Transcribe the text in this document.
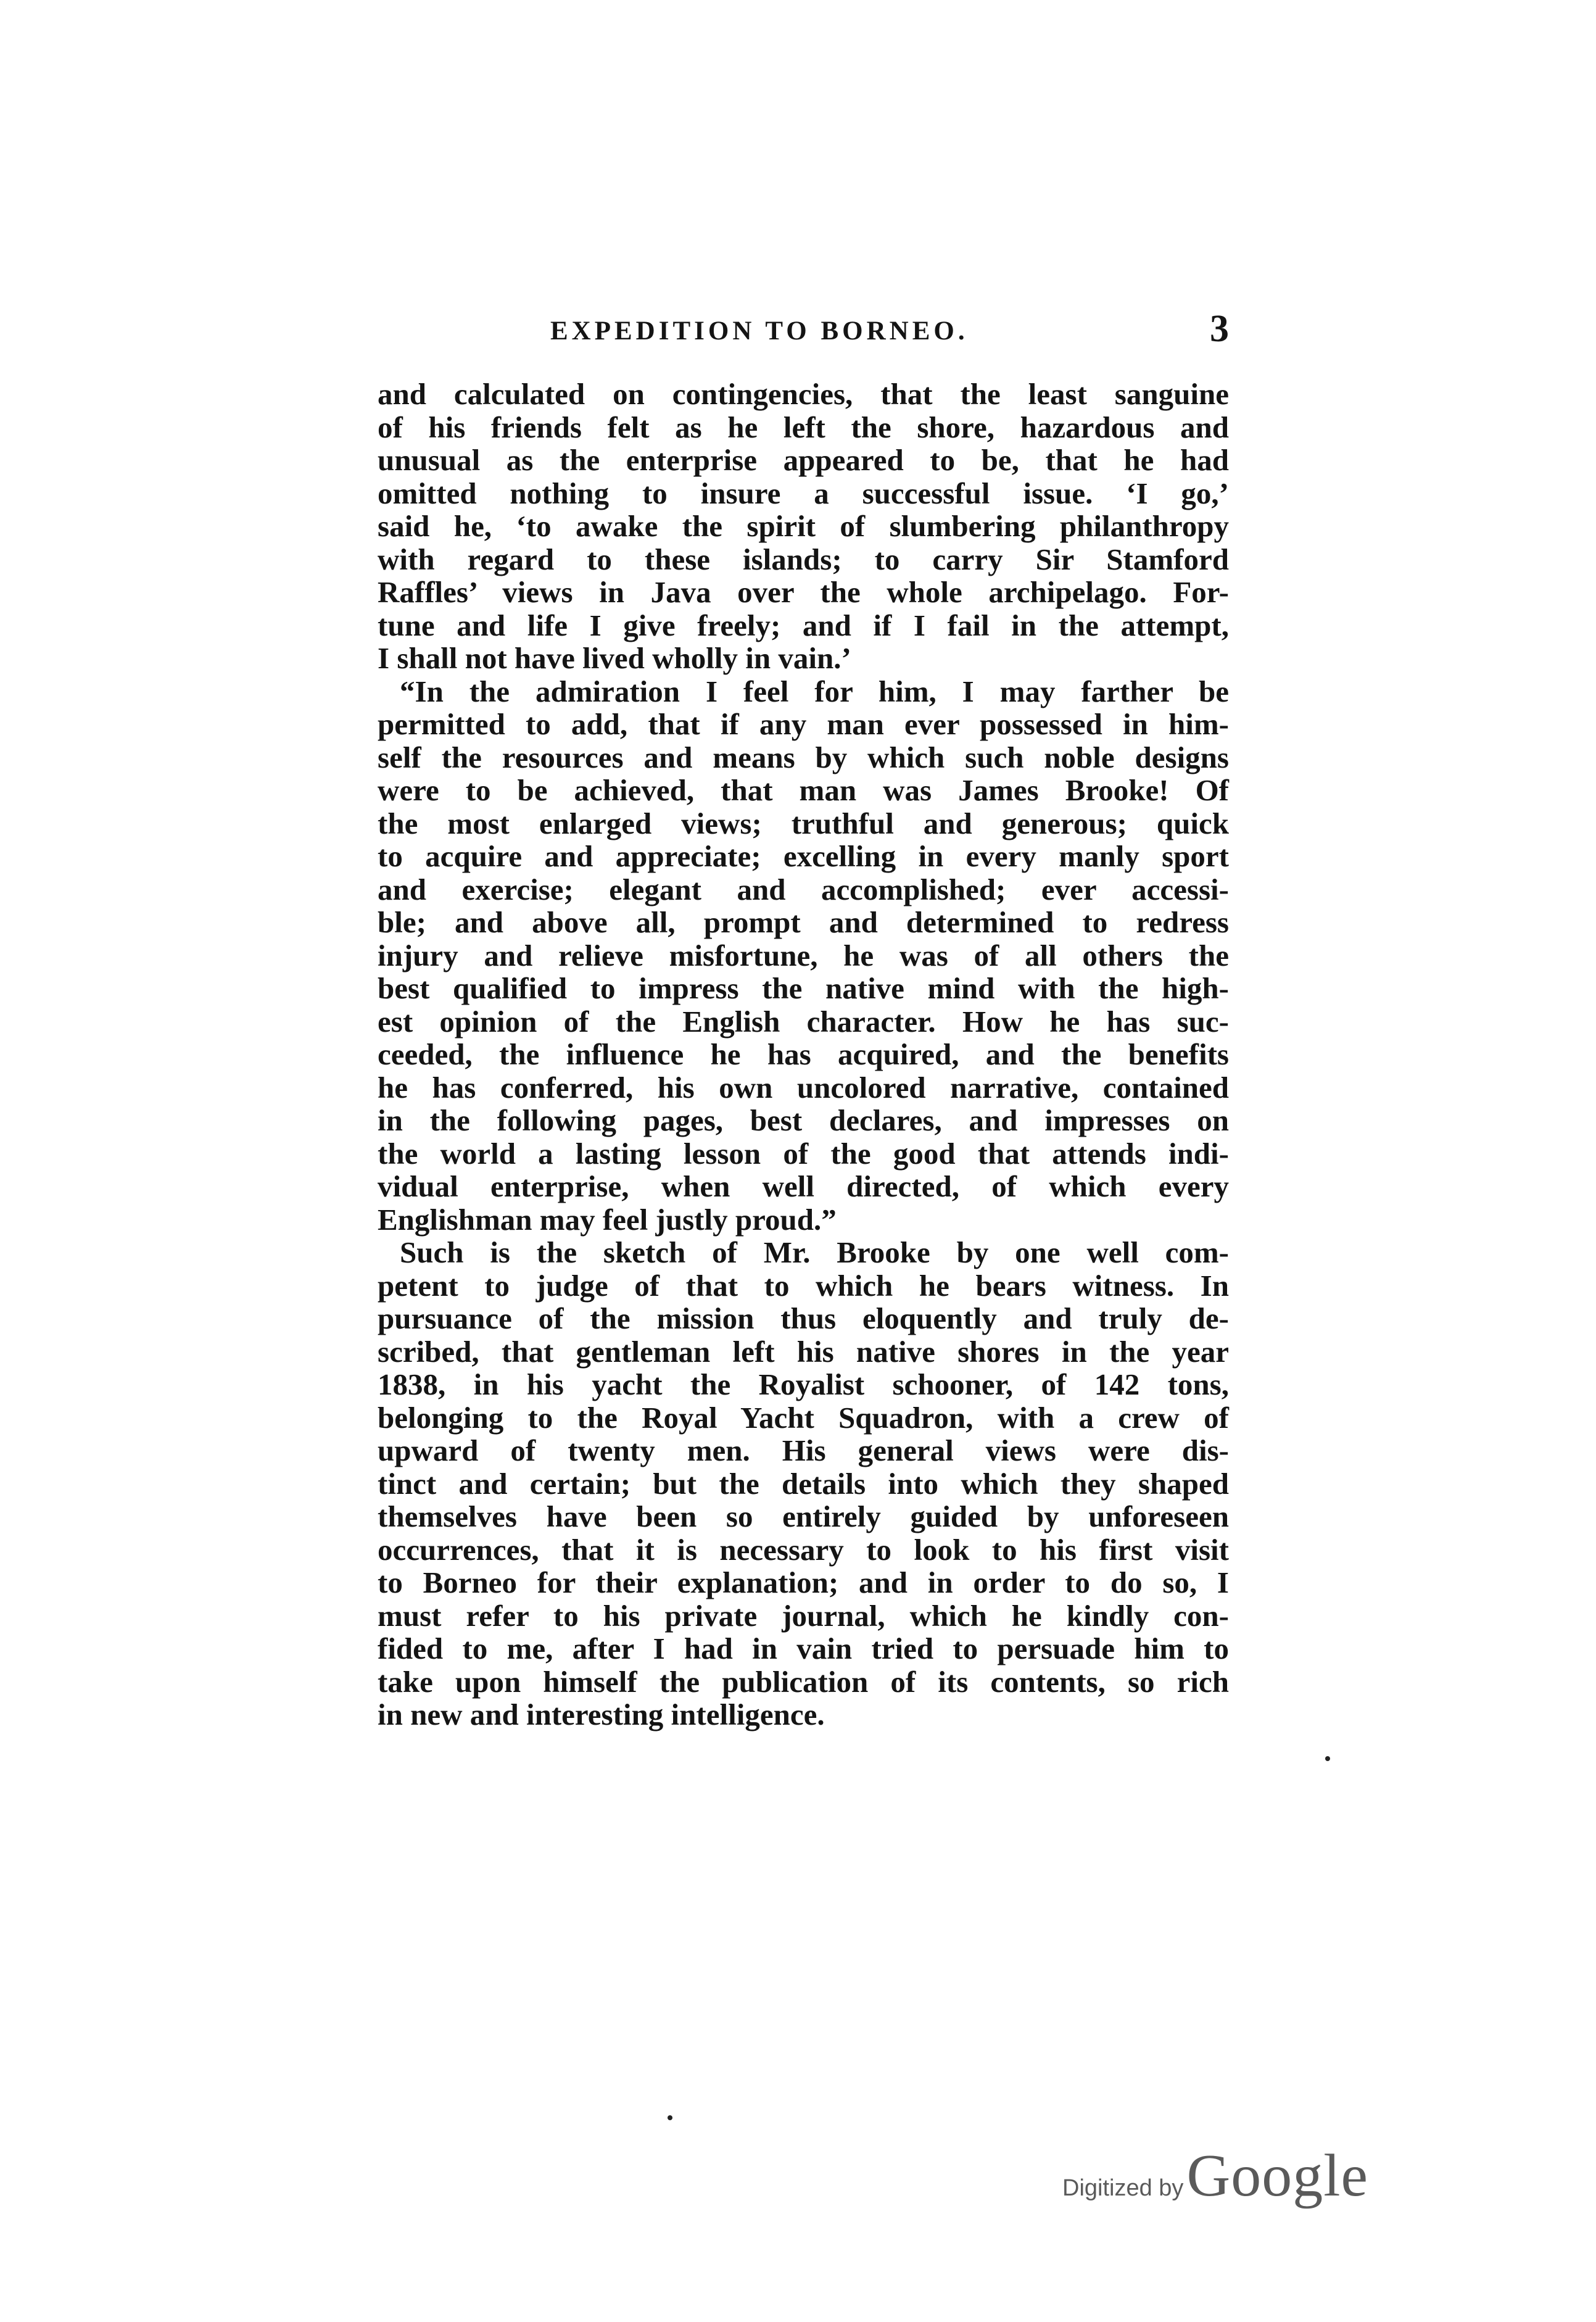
EXPEDITION TO BORNEO.	3
and calculated on contingencies, that the least sanguine
of his friends felt as he left the shore, hazardous and
unusual as the enterprise appeared to be, that he had
omitted nothing to insure a successful issue. ‘I go,’
said he, ‘to awake the spirit of slumbering philanthropy
with regard to these islands; to carry Sir Stamford
Raffles’ views in Java over the whole archipelago. For-
tune and life I give freely; and if I fail in the attempt,
I shall not have lived wholly in vain.’
“In the admiration I feel for him, I may farther be
permitted to add, that if any man ever possessed in him-
self the resources and means by which such noble designs
were to be achieved, that man was James Brooke! Of
the most enlarged views; truthful and generous; quick
to acquire and appreciate; excelling in every manly sport
and exercise; elegant and accomplished; ever accessi-
ble; and above all, prompt and determined to redress
injury and relieve misfortune, he was of all others the
best qualified to impress the native mind with the high-
est opinion of the English character. How he has suc-
ceeded, the influence he has acquired, and the benefits
he has conferred, his own uncolored narrative, contained
in the following pages, best declares, and impresses on
the world a lasting lesson of the good that attends indi-
vidual enterprise, when well directed, of which every
Englishman may feel justly proud.”
Such is the sketch of Mr. Brooke by one well com-
petent to judge of that to which he bears witness. In
pursuance of the mission thus eloquently and truly de-
scribed, that gentleman left his native shores in the year
1838, in his yacht the Royalist schooner, of 142 tons,
belonging to the Royal Yacht Squadron, with a crew of
upward of twenty men. His general views were dis-
tinct and certain; but the details into which they shaped
themselves have been so entirely guided by unforeseen
occurrences, that it is necessary to look to his first visit
to Borneo for their explanation; and in order to do so, I
must refer to his private journal, which he kindly con-
fided to me, after I had in vain tried to persuade him to
take upon himself the publication of its contents, so rich
in new and interesting intelligence.
Digitized by Google
